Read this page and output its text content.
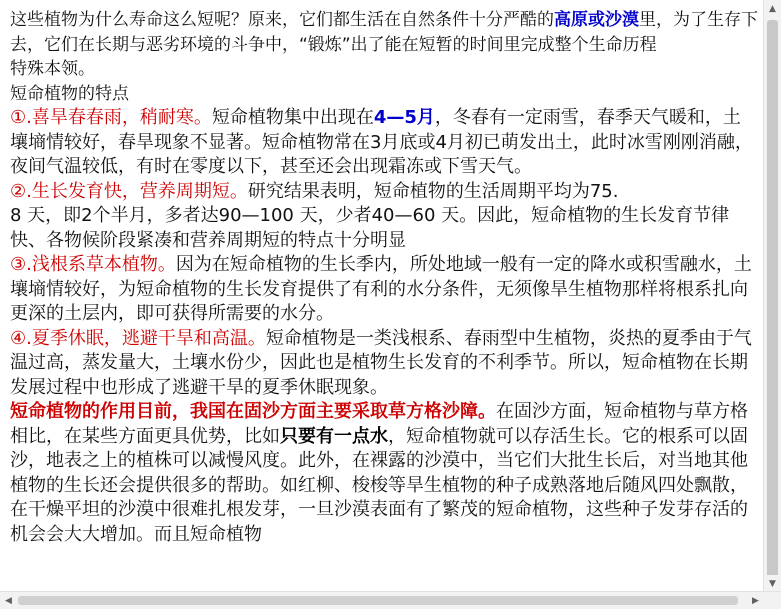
这些植物为什么寿命这么短呢？原来，它们都生活在自然条件十分严酷的高原或沙漠里，为了生存下去，它们在长期与恶劣环境的斗争中，“锻炼”出了能在短暂的时间里完成整个生命历程

特殊本领。

短命植物的特点

①.喜旱春春雨，稍耐寒。短命植物集中出现在4—5月，冬春有一定雨雪，春季天气暖和，土壤墒情较好，春旱现象不显著。短命植物常在3月底或4月初已萌发出土，此时冰雪刚刚消融，夜间气温较低，有时在零度以下，甚至还会出现霜冻或下雪天气。

②.生长发育快，营养周期短。研究结果表明，短命植物的生活周期平均为75.
8 天，即2个半月，多者达90—100 天，少者40—60 天。因此，短命植物的生长发育节律快、各物候阶段紧凑和营养周期短的特点十分明显

③.浅根系草本植物。因为在短命植物的生长季内，所处地域一般有一定的降水或积雪融水，土壤墒情较好，为短命植物的生长发育提供了有利的水分条件，无须像旱生植物那样将根系扎向更深的土层内，即可获得所需要的水分。

④.夏季休眠，逃避干旱和高温。短命植物是一类浅根系、春雨型中生植物，炎热的夏季由于气温过高，蒸发量大，土壤水份少，因此也是植物生长发育的不利季节。所以，短命植物在长期发展过程中也形成了逃避干旱的夏季休眠现象。

短命植物的作用目前，我国在固沙方面主要采取草方格沙障。在固沙方面，短命植物与草方格相比，在某些方面更具优势，比如只要有一点水，短命植物就可以存活生长。它的根系可以固沙，地表之上的植株可以减慢风度。此外，在裸露的沙漠中，当它们大批生长后，对当地其他植物的生长还会提供很多的帮助。如红柳、梭梭等旱生植物的种子成熟落地后随风四处飘散，在干燥平坦的沙漠中很难扎根发芽，一旦沙漠表面有了繁茂的短命植物，这些种子发芽存活的机会会大大增加。而且短命植物

▲
▼
◀	▶
